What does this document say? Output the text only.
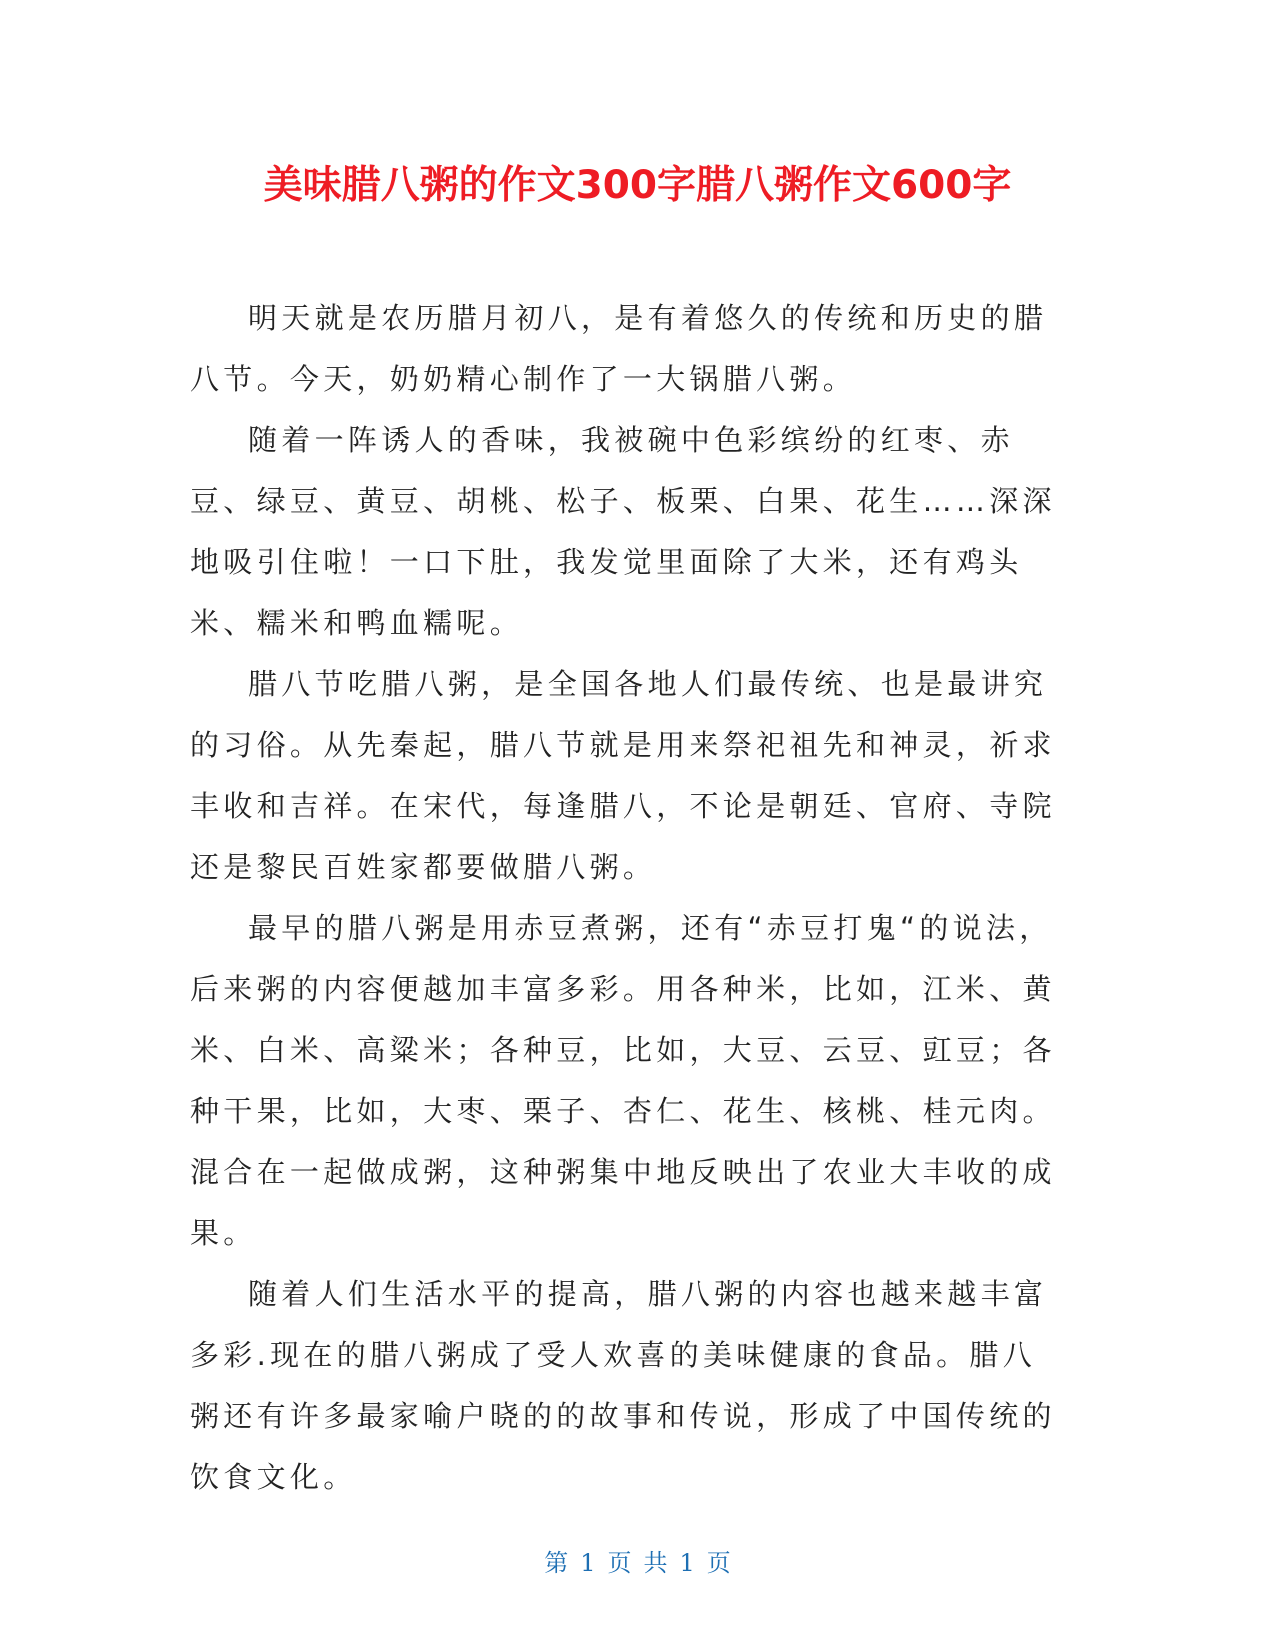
美味腊八粥的作文300字腊八粥作文600字

明天就是农历腊月初八，是有着悠久的传统和历史的腊八节。今天，奶奶精心制作了一大锅腊八粥。

随着一阵诱人的香味，我被碗中色彩缤纷的红枣、赤豆、绿豆、黄豆、胡桃、松子、板栗、白果、花生……深深地吸引住啦！一口下肚，我发觉里面除了大米，还有鸡头米、糯米和鸭血糯呢。

腊八节吃腊八粥，是全国各地人们最传统、也是最讲究的习俗。从先秦起，腊八节就是用来祭祀祖先和神灵，祈求丰收和吉祥。在宋代，每逢腊八，不论是朝廷、官府、寺院还是黎民百姓家都要做腊八粥。

最早的腊八粥是用赤豆煮粥，还有“赤豆打鬼“的说法，后来粥的内容便越加丰富多彩。用各种米，比如，江米、黄米、白米、高粱米；各种豆，比如，大豆、云豆、豇豆；各种干果，比如，大枣、栗子、杏仁、花生、核桃、桂元肉。混合在一起做成粥，这种粥集中地反映出了农业大丰收的成果。

随着人们生活水平的提高，腊八粥的内容也越来越丰富多彩.现在的腊八粥成了受人欢喜的美味健康的食品。腊八粥还有许多最家喻户晓的的故事和传说，形成了中国传统的饮食文化。

第 1 页 共 1 页
